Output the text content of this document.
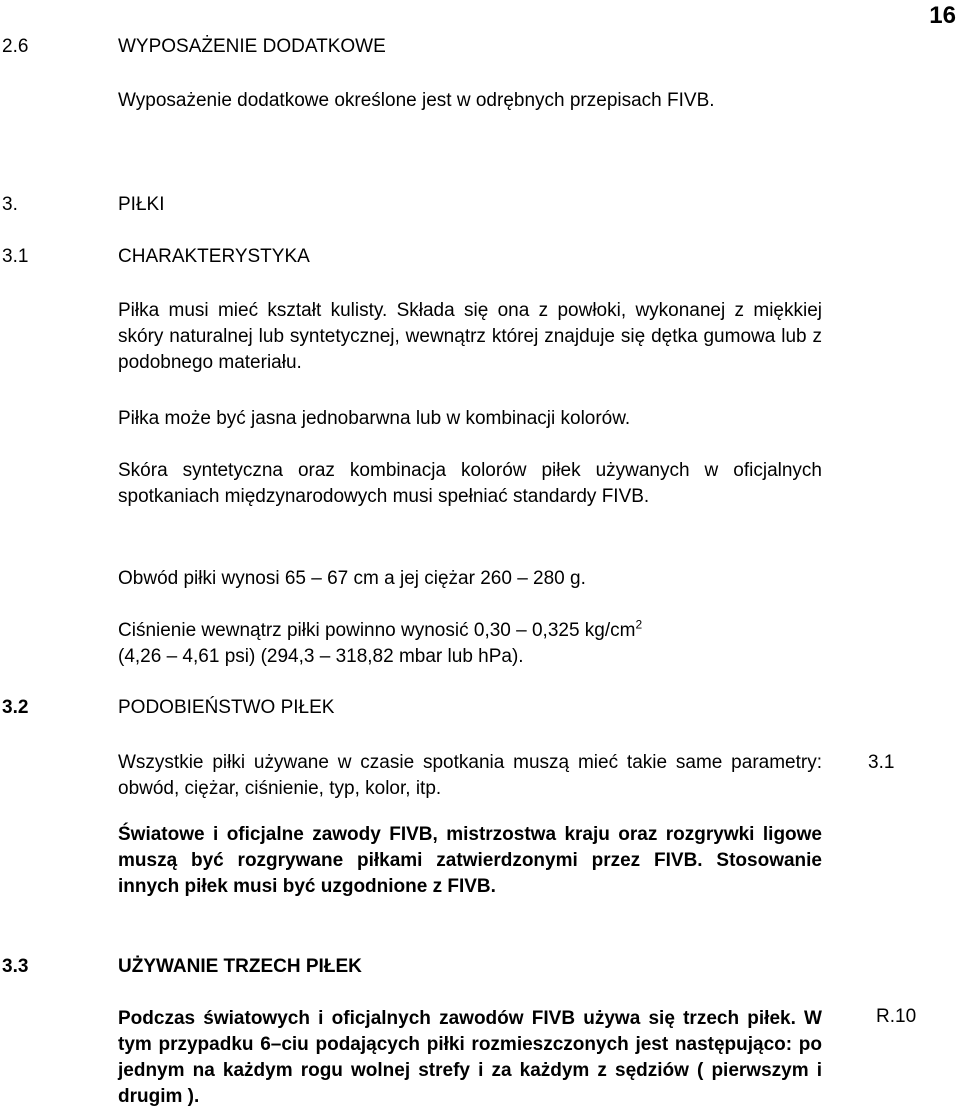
16
2.6	WYPOSAŻENIE DODATKOWE
Wyposażenie dodatkowe określone jest w odrębnych przepisach FIVB.
3.	PIŁKI
3.1	CHARAKTERYSTYKA
Piłka musi mieć kształt kulisty. Składa się ona z powłoki, wykonanej z miękkiej skóry naturalnej lub syntetycznej, wewnątrz której znajduje się dętka gumowa lub z podobnego materiału.
Piłka może być jasna jednobarwna lub w kombinacji kolorów.
Skóra syntetyczna oraz kombinacja kolorów piłek używanych w oficjalnych spotkaniach międzynarodowych musi spełniać standardy FIVB.
Obwód piłki wynosi 65 – 67 cm a jej ciężar 260 – 280 g.
Ciśnienie wewnątrz piłki powinno wynosić 0,30 – 0,325 $kg/cm^2$
(4,26 – 4,61 psi) (294,3 – 318,82 mbar lub hPa).
3.2	PODOBIEŃSTWO PIŁEK
Wszystkie piłki używane w czasie spotkania muszą mieć takie same parametry: obwód, ciężar, ciśnienie, typ, kolor, itp.
3.1
Światowe i oficjalne zawody FIVB, mistrzostwa kraju oraz rozgrywki ligowe muszą być rozgrywane piłkami zatwierdzonymi przez FIVB. Stosowanie innych piłek musi być uzgodnione z FIVB.
3.3	UŻYWANIE TRZECH PIŁEK
Podczas światowych i oficjalnych zawodów FIVB używa się trzech piłek. W tym przypadku 6–ciu podających piłki rozmieszczonych jest następująco: po jednym na każdym rogu wolnej strefy i za każdym z sędziów ( pierwszym i drugim ).
R.10
